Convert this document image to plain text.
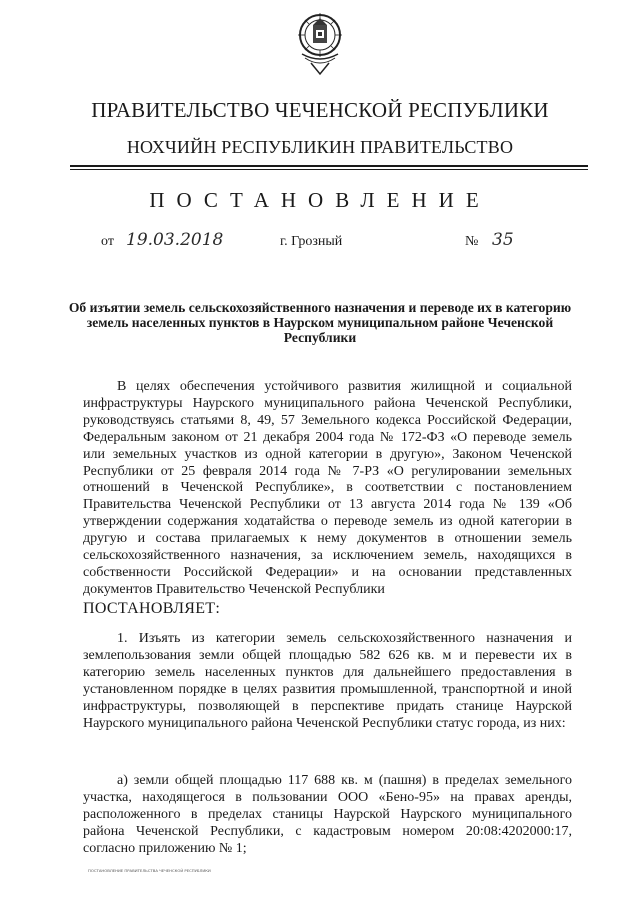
ПРАВИТЕЛЬСТВО ЧЕЧЕНСКОЙ РЕСПУБЛИКИ
НОХЧИЙН РЕСПУБЛИКИН ПРАВИТЕЛЬСТВО
ПОСТАНОВЛЕНИЕ
от 19.03.2018	г. Грозный	№ 35
Об изъятии земель сельскохозяйственного назначения и переводе их в категорию земель населенных пунктов в Наурском муниципальном районе Чеченской Республики
В целях обеспечения устойчивого развития жилищной и социальной инфраструктуры Наурского муниципального района Чеченской Республики, руководствуясь статьями 8, 49, 57 Земельного кодекса Российской Федерации, Федеральным законом от 21 декабря 2004 года № 172-ФЗ «О переводе земель или земельных участков из одной категории в другую», Законом Чеченской Республики от 25 февраля 2014 года № 7-РЗ «О регулировании земельных отношений в Чеченской Республике», в соответствии с постановлением Правительства Чеченской Республики от 13 августа 2014 года № 139 «Об утверждении содержания ходатайства о переводе земель из одной категории в другую и состава прилагаемых к нему документов в отношении земель сельскохозяйственного назначения, за исключением земель, находящихся в собственности Российской Федерации» и на основании представленных документов Правительство Чеченской Республики
ПОСТАНОВЛЯЕТ:
1. Изъять из категории земель сельскохозяйственного назначения и землепользования земли общей площадью 582 626 кв. м и перевести их в категорию земель населенных пунктов для дальнейшего предоставления в установленном порядке в целях развития промышленной, транспортной и иной инфраструктуры, позволяющей в перспективе придать станице Наурской Наурского муниципального района Чеченской Республики статус города, из них:
а) земли общей площадью 117 688 кв. м (пашня) в пределах земельного участка, находящегося в пользовании ООО «Бено-95» на правах аренды, расположенного в пределах станицы Наурской Наурского муниципального района Чеченской Республики, с кадастровым номером 20:08:4202000:17, согласно приложению № 1;
ПОСТАНОВЛЕНИЕ ПРАВИТЕЛЬСТВА ЧЕЧЕНСКОЙ РЕСПУБЛИКИ
